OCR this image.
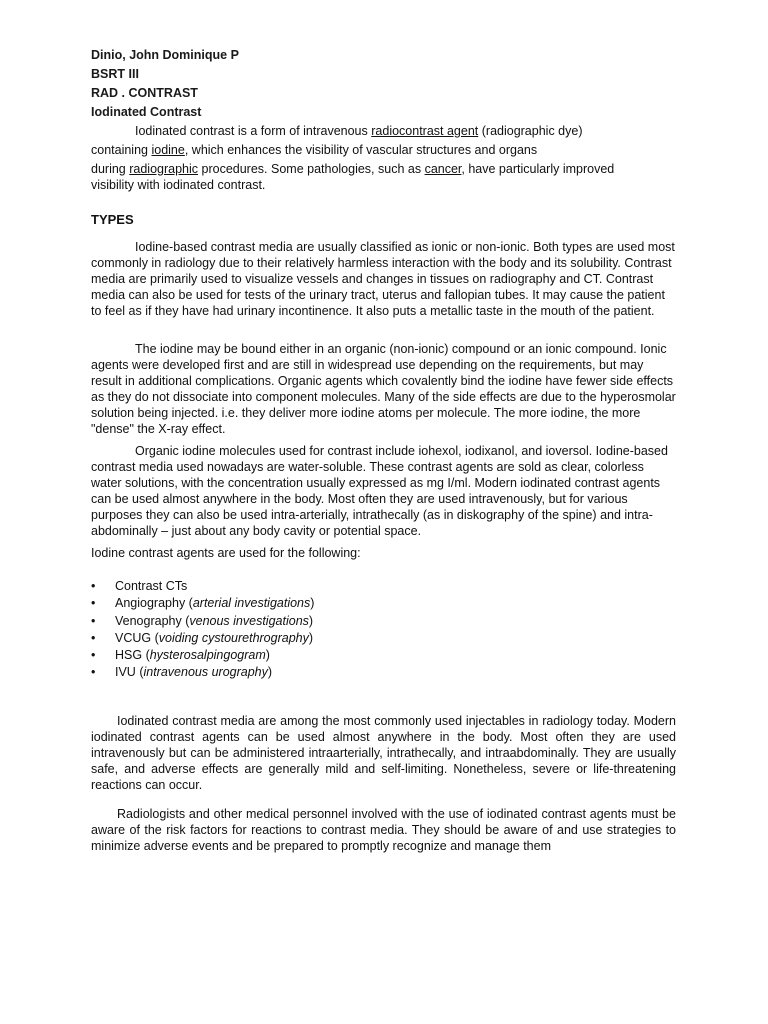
Dinio, John Dominique P
BSRT III
RAD . CONTRAST
Iodinated Contrast
Iodinated contrast is a form of intravenous radiocontrast agent (radiographic dye)
containing iodine, which enhances the visibility of vascular structures and organs
during radiographic procedures. Some pathologies, such as cancer, have particularly improved
visibility with iodinated contrast.
TYPES

Iodine-based contrast media are usually classified as ionic or non-ionic. Both types are used most commonly in radiology due to their relatively harmless interaction with the body and its solubility. Contrast media are primarily used to visualize vessels and changes in tissues on radiography and CT. Contrast media can also be used for tests of the urinary tract, uterus and fallopian tubes. It may cause the patient to feel as if they have had urinary incontinence. It also puts a metallic taste in the mouth of the patient.

The iodine may be bound either in an organic (non-ionic) compound or an ionic compound. Ionic agents were developed first and are still in widespread use depending on the requirements, but may result in additional complications. Organic agents which covalently bind the iodine have fewer side effects as they do not dissociate into component molecules. Many of the side effects are due to the hyperosmolar solution being injected. i.e. they deliver more iodine atoms per molecule. The more iodine, the more "dense" the X-ray effect.

Organic iodine molecules used for contrast include iohexol, iodixanol, and ioversol. Iodine-based contrast media used nowadays are water-soluble. These contrast agents are sold as clear, colorless water solutions, with the concentration usually expressed as mg I/ml. Modern iodinated contrast agents can be used almost anywhere in the body. Most often they are used intravenously, but for various purposes they can also be used intra-arterially, intrathecally (as in diskography of the spine) and intra-abdominally – just about any body cavity or potential space.

Iodine contrast agents are used for the following:

• Contrast CTs
• Angiography (arterial investigations)
• Venography (venous investigations)
• VCUG (voiding cystourethrography)
• HSG (hysterosalpingogram)
• IVU (intravenous urography)

Iodinated contrast media are among the most commonly used injectables in radiology today. Modern iodinated contrast agents can be used almost anywhere in the body. Most often they are used intravenously but can be administered intraarterially, intrathecally, and intraabdominally. They are usually safe, and adverse effects are generally mild and self-limiting. Nonetheless, severe or life-threatening reactions can occur.

Radiologists and other medical personnel involved with the use of iodinated contrast agents must be aware of the risk factors for reactions to contrast media. They should be aware of and use strategies to minimize adverse events and be prepared to promptly recognize and manage them
